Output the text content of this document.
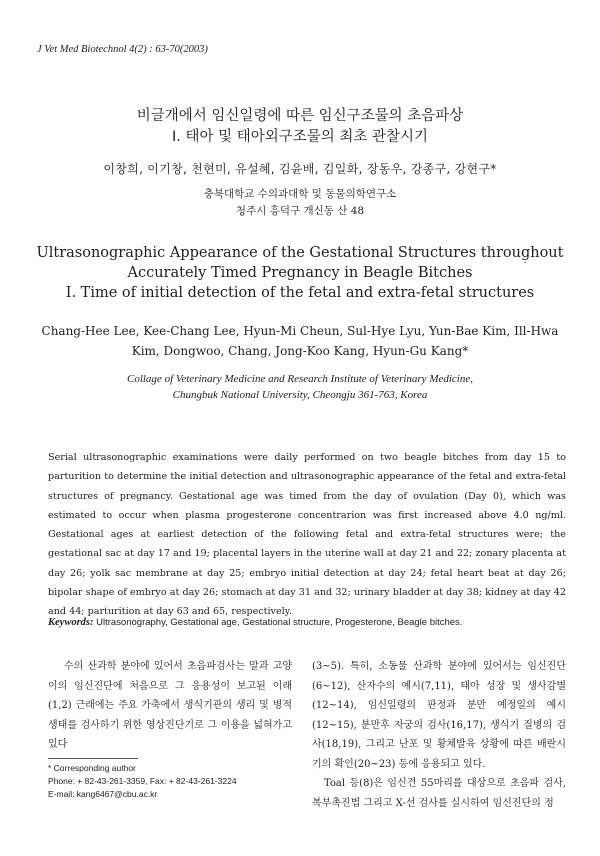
J Vet Med Biotechnol 4(2) : 63-70(2003)
비글개에서 임신일령에 따른 임신구조물의 초음파상
I. 태아 및 태아외구조물의 최초 관찰시기
이창희, 이기창, 천현미, 유설혜, 김윤배, 김일화, 장동우, 강종구, 강현구*
충북대학교 수의과대학 및 동물의학연구소
청주시 흥덕구 개신동 산 48
Ultrasonographic Appearance of the Gestational Structures throughout
Accurately Timed Pregnancy in Beagle Bitches
I. Time of initial detection of the fetal and extra-fetal structures
Chang-Hee Lee, Kee-Chang Lee, Hyun-Mi Cheun, Sul-Hye Lyu, Yun-Bae Kim, Ill-Hwa Kim, Dongwoo, Chang, Jong-Koo Kang, Hyun-Gu Kang*
Collage of Veterinary Medicine and Research Institute of Veterinary Medicine,
Chungbuk National University, Cheongju 361-763, Korea
Serial ultrasonographic examinations were daily performed on two beagle bitches from day 15 to parturition to determine the initial detection and ultrasonographic appearance of the fetal and extra-fetal structures of pregnancy. Gestational age was timed from the day of ovulation (Day 0), which was estimated to occur when plasma progesterone concentrarion was first increased above 4.0 ng/ml. Gestational ages at earliest detection of the following fetal and extra-fetal structures were; the gestational sac at day 17 and 19; placental layers in the uterine wall at day 21 and 22; zonary placenta at day 26; yolk sac membrane at day 25; embryo initial detection at day 24; fetal heart beat at day 26; bipolar shape of embryo at day 26; stomach at day 31 and 32; urinary bladder at day 38; kidney at day 42 and 44; parturition at day 63 and 65, respectively.
Keywords: Ultrasonography, Gestational age, Gestational structure, Progesterone, Beagle bitches.
수의 산과학 분야에 있어서 초음파검사는 말과 고양이의 임신진단에 처음으로 그 응용성이 보고된 이래(1,2) 근래에는 주요 가축에서 생식기관의 생리 및 병적 생태를 검사하기 위한 영상진단기로 그 이용을 넓혀가고 있다
(3~5). 특히, 소동물 산과학 분야에 있어서는 임신진단(6~12), 산자수의 예시(7,11), 태아 성장 및 생사감별(12~14), 임신일령의 판정과 분만 예정일의 예시(12~15), 분만후 자궁의 검사(16,17), 생식기 질병의 검사(18,19), 그리고 난포 및 황체발육 상황에 따른 배란시기의 확인(20~23) 등에 응용되고 있다.
Toal 등(8)은 임신견 55마리를 대상으로 초음파 검사, 복부촉진법 그리고 X-선 검사를 실시하여 임신진단의 정
* Corresponding author
Phone: + 82-43-261-3359, Fax: + 82-43-261-3224
E-mail: kang6467@cbu.ac.kr
